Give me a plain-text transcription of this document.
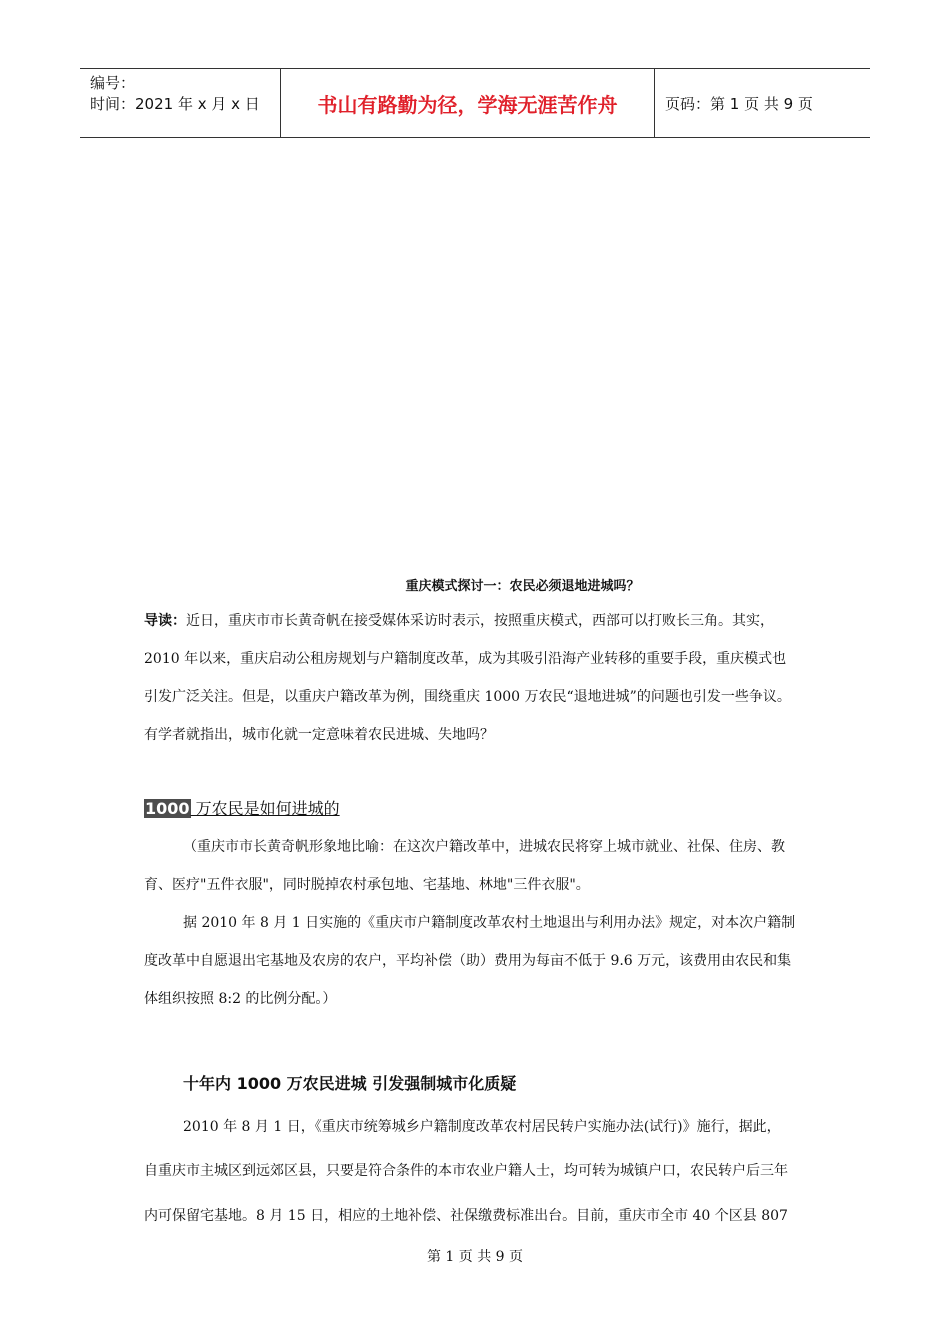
编号：
时间：2021 年 x 月 x 日	书山有路勤为径，学海无涯苦作舟	页码：第 1 页 共 9 页
重庆模式探讨一：农民必须退地进城吗？
导读：近日，重庆市市长黄奇帆在接受媒体采访时表示，按照重庆模式，西部可以打败长三角。其实，
2010 年以来，重庆启动公租房规划与户籍制度改革，成为其吸引沿海产业转移的重要手段，重庆模式也
引发广泛关注。但是，以重庆户籍改革为例，围绕重庆 1000 万农民“退地进城”的问题也引发一些争议。
有学者就指出，城市化就一定意味着农民进城、失地吗？
1000 万农民是如何进城的
（重庆市市长黄奇帆形象地比喻：在这次户籍改革中，进城农民将穿上城市就业、社保、住房、教
育、医疗"五件衣服"，同时脱掉农村承包地、宅基地、林地"三件衣服"。
据 2010 年 8 月 1 日实施的《重庆市户籍制度改革农村土地退出与利用办法》规定，对本次户籍制
度改革中自愿退出宅基地及农房的农户，平均补偿（助）费用为每亩不低于 9.6 万元，该费用由农民和集
体组织按照 8:2 的比例分配。）
十年内 1000 万农民进城 引发强制城市化质疑
2010 年 8 月 1 日，《重庆市统筹城乡户籍制度改革农村居民转户实施办法(试行)》施行，据此，
自重庆市主城区到远郊区县，只要是符合条件的本市农业户籍人士，均可转为城镇户口，农民转户后三年
内可保留宅基地。8 月 15 日，相应的土地补偿、社保缴费标准出台。目前，重庆市全市 40 个区县 807
第 1 页 共 9 页
